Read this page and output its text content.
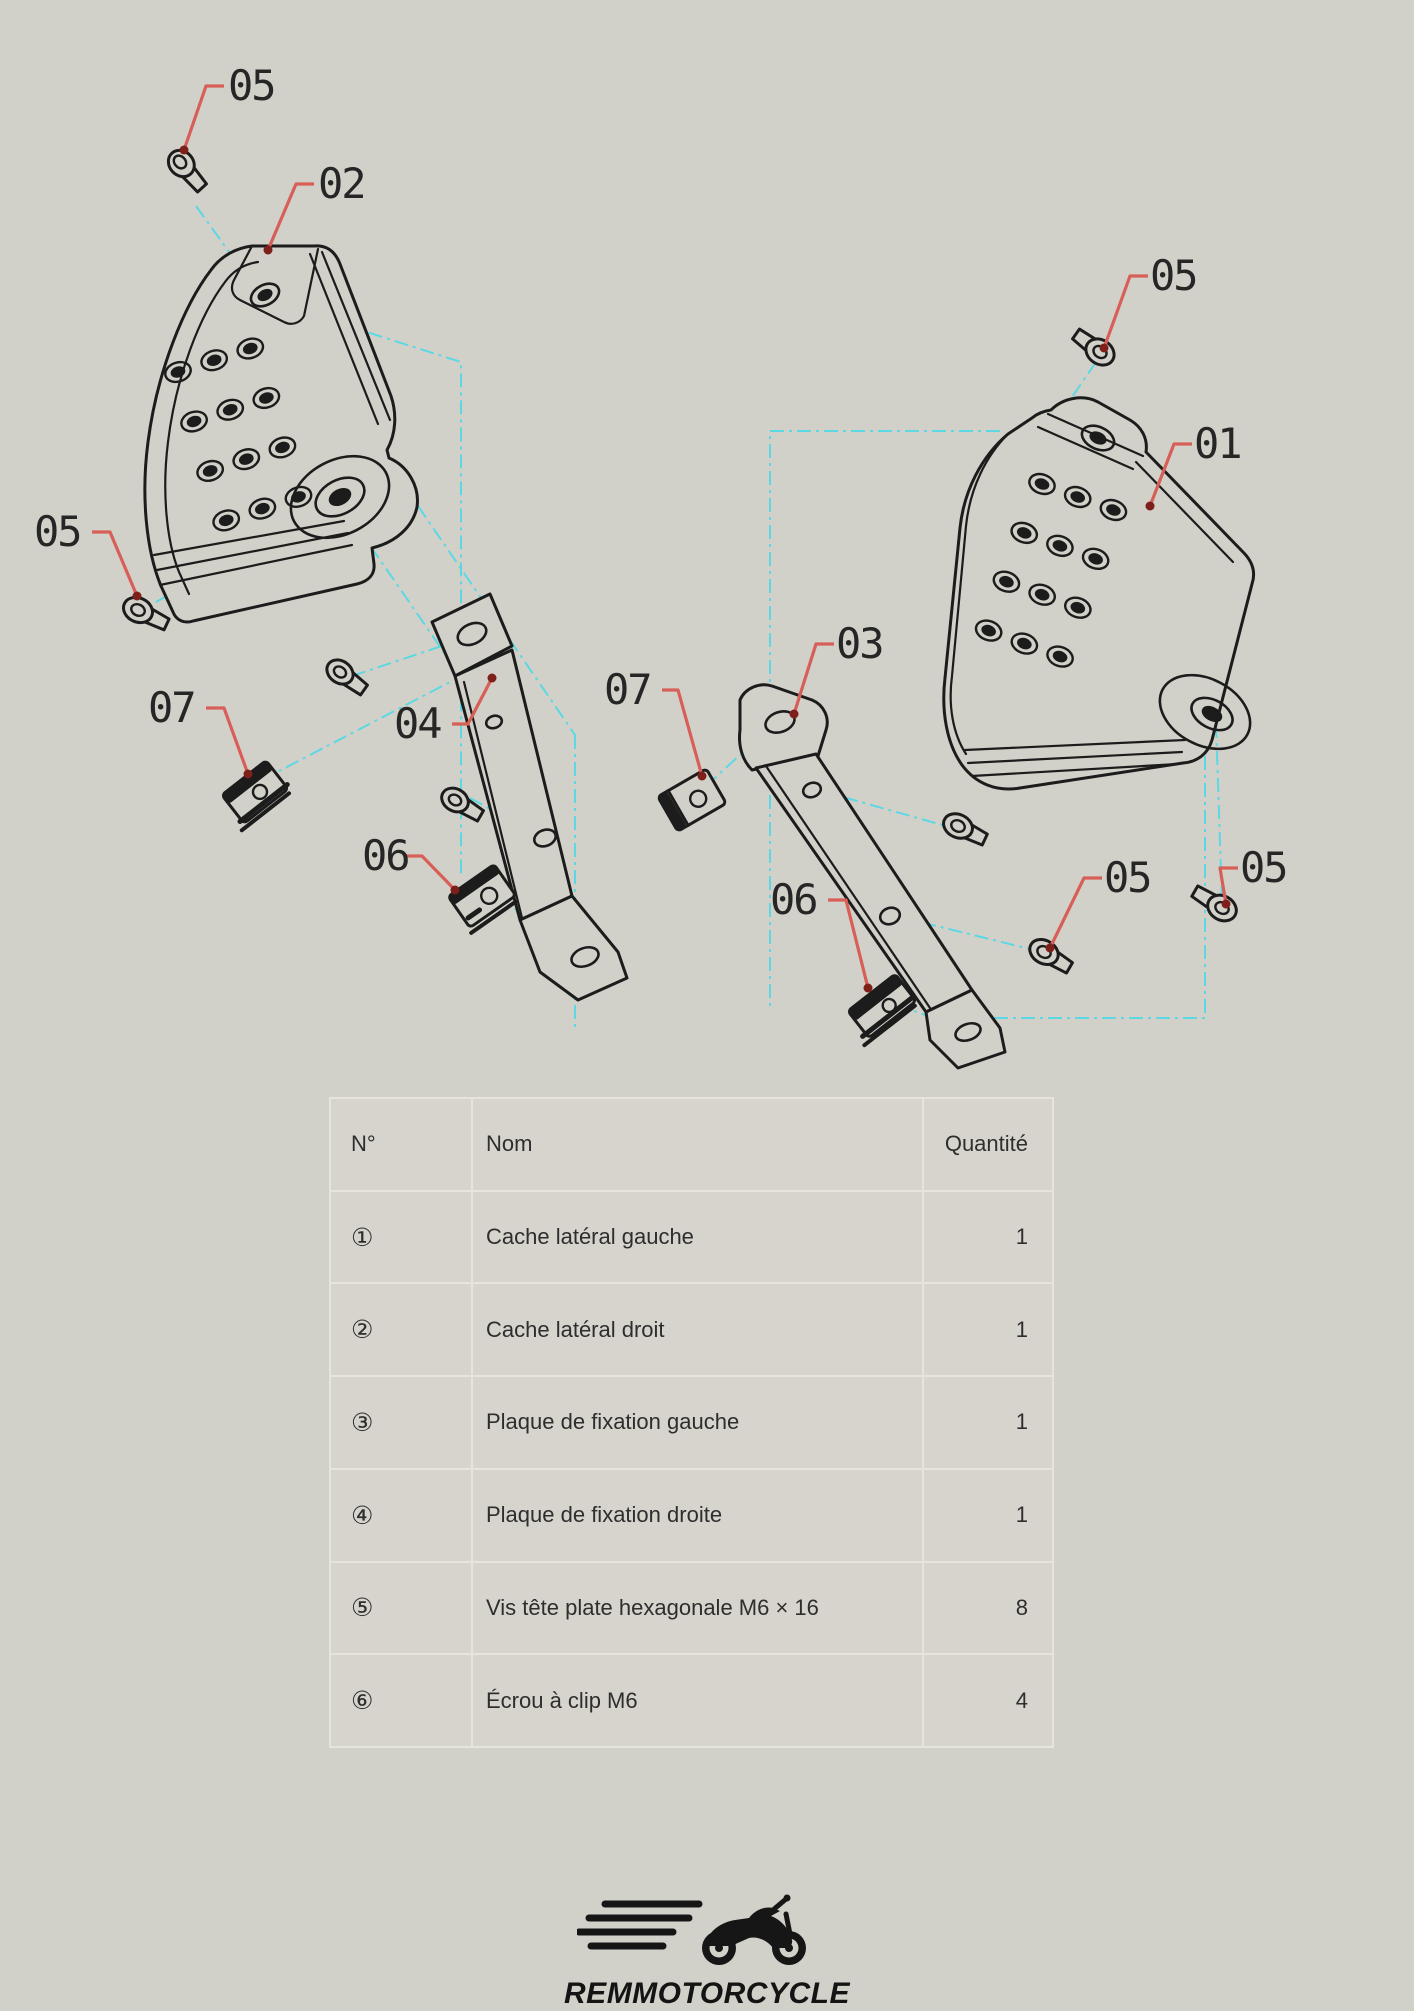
05
02
05
07	04
06
07
03
01
05
05 05
06
N°	Nom	Quantité
①	Cache latéral gauche	1
②	Cache latéral droit	1
③	Plaque de fixation gauche	1
④	Plaque de fixation droite	1
⑤	Vis tête plate hexagonale M6 × 16	8
⑥	Écrou à clip M6	4
REMMOTORCYCLE
